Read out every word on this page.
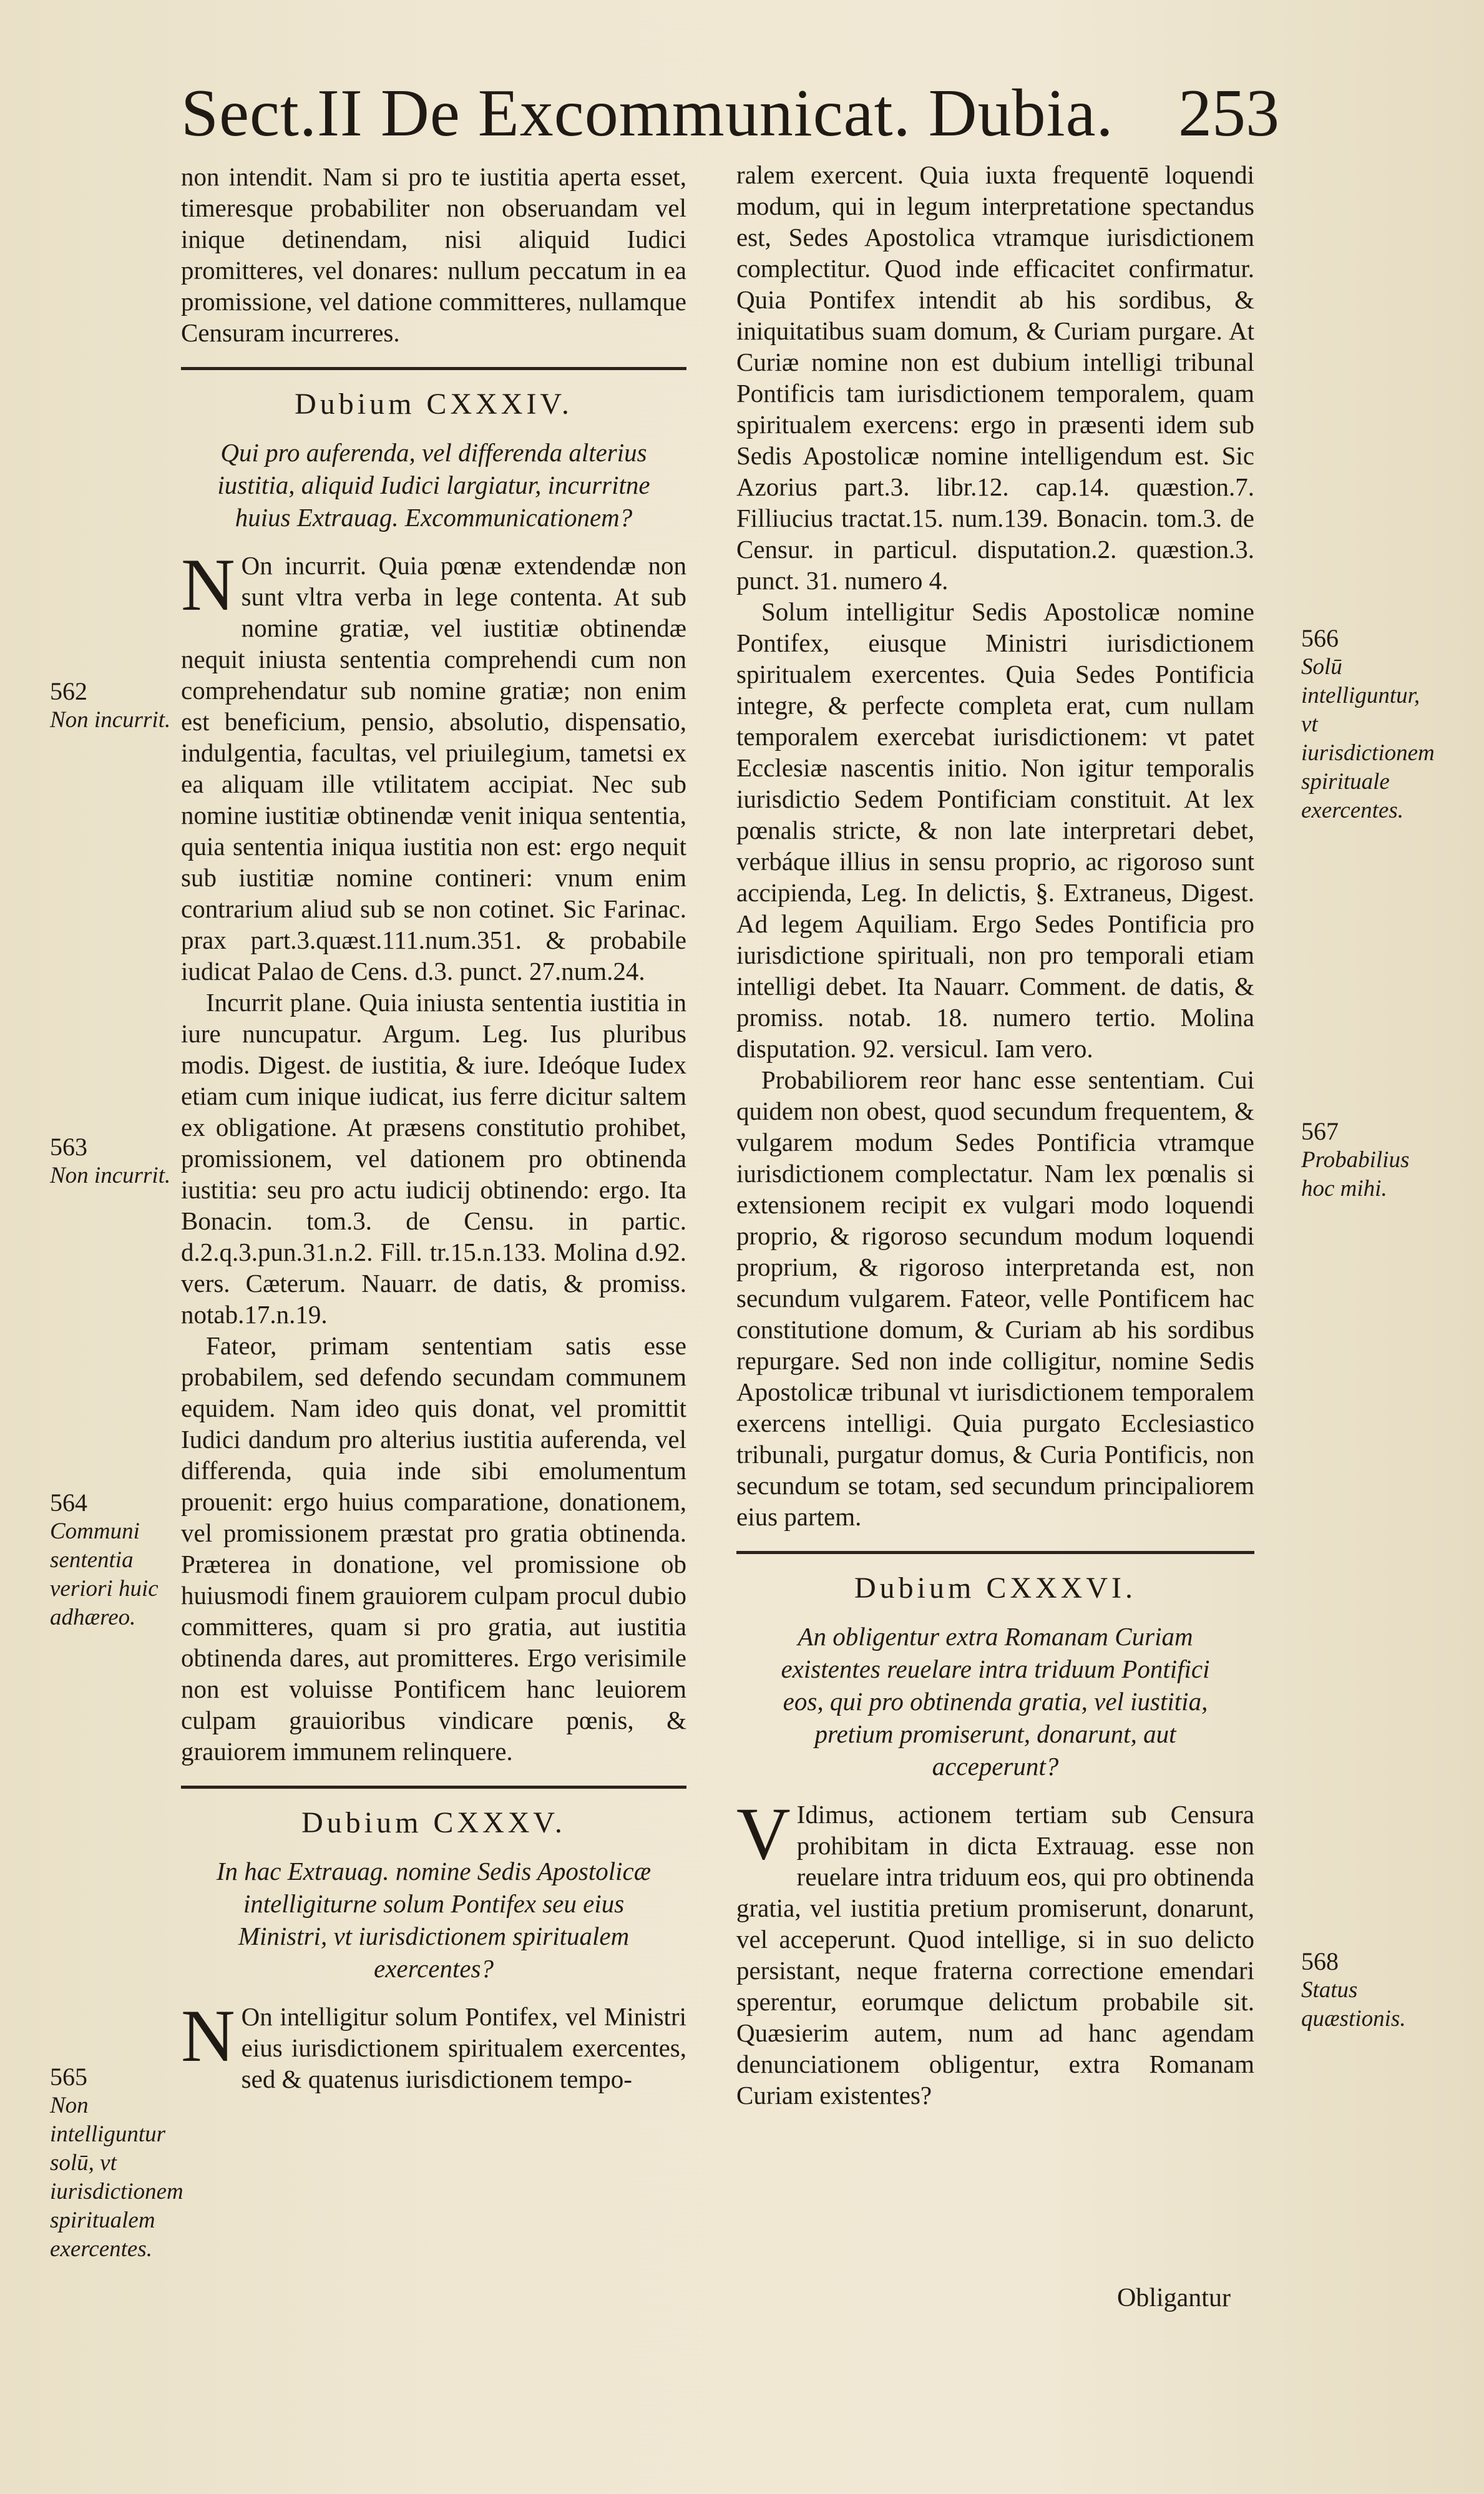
Sect.II De Excommunicat. Dubia. 253

non intendit. Nam si pro te iustitia aperta esset, timeresque probabiliter non obseruandam vel inique detinendam, nisi aliquid Iudici promitteres, vel donares: nullum peccatum in ea promissione, vel datione committeres, nullamque Censuram incurreres.

Dubium CXXXIV.
Qui pro auferenda, vel differenda alterius iustitia, aliquid Iudici largiatur, incurritne huius Extrauag. Excommunicationem?

N On incurrit. Quia pœnæ extendendæ non sunt vltra verba in lege contenta. At sub nomine gratiæ, vel iustitiæ obtinendæ nequit iniusta sententia comprehendi cum non comprehendatur sub nomine gratiæ; non enim est beneficium, pensio, absolutio, dispensatio, indulgentia, facultas, vel priuilegium, tametsi ex ea aliquam ille vtilitatem accipiat. Nec sub nomine iustitiæ obtinendæ venit iniqua sententia, quia sententia iniqua iustitia non est: ergo nequit sub iustitiæ nomine contineri: vnum enim contrarium aliud sub se non cotinet. Sic Farinac. prax part.3.quæst.111.num.351. & probabile iudicat Palao de Cens. d.3. punct. 27.num.24.

Incurrit plane. Quia iniusta sententia iustitia in iure nuncupatur. Argum. Leg. Ius pluribus modis. Digest. de iustitia, & iure. Ideóque Iudex etiam cum inique iudicat, ius ferre dicitur saltem ex obligatione. At præsens constitutio prohibet, promissionem, vel dationem pro obtinenda iustitia: seu pro actu iudicij obtinendo: ergo. Ita Bonacin. tom.3. de Censu. in partic. d.2.q.3.pun.31.n.2. Fill. tr.15.n.133. Molina d.92. vers. Cæterum. Nauarr. de datis, & promiss. notab.17.n.19.

Fateor, primam sententiam satis esse probabilem, sed defendo secundam communem equidem. Nam ideo quis donat, vel promittit Iudici dandum pro alterius iustitia auferenda, vel differenda, quia inde sibi emolumentum prouenit: ergo huius comparatione, donationem, vel promissionem præstat pro gratia obtinenda. Præterea in donatione, vel promissione ob huiusmodi finem grauiorem culpam procul dubio committeres, quam si pro gratia, aut iustitia obtinenda dares, aut promitteres. Ergo verisimile non est voluisse Pontificem hanc leuiorem culpam grauioribus vindicare pœnis, & grauiorem immunem relinquere.

Dubium CXXXV.
In hac Extrauag. nomine Sedis Apostolicæ intelligiturne solum Pontifex seu eius Ministri, vt iurisdictionem spiritualem exercentes?

N On intelligitur solum Pontifex, vel Ministri eius iurisdictionem spiritualem exercentes, sed & quatenus iurisdictionem tempo-

ralem exercent. Quia iuxta frequentē loquendi modum, qui in legum interpretatione spectandus est, Sedes Apostolica vtramque iurisdictionem complectitur. Quod inde efficacitet confirmatur. Quia Pontifex intendit ab his sordibus, & iniquitatibus suam domum, & Curiam purgare. At Curiæ nomine non est dubium intelligi tribunal Pontificis tam iurisdictionem temporalem, quam spiritualem exercens: ergo in præsenti idem sub Sedis Apostolicæ nomine intelligendum est. Sic Azorius part.3. libr.12. cap.14. quæstion.7. Filliucius tractat.15. num.139. Bonacin. tom.3. de Censur. in particul. disputation.2. quæstion.3. punct. 31. numero 4.

Solum intelligitur Sedis Apostolicæ nomine Pontifex, eiusque Ministri iurisdictionem spiritualem exercentes. Quia Sedes Pontificia integre, & perfecte completa erat, cum nullam temporalem exercebat iurisdictionem: vt patet Ecclesiæ nascentis initio. Non igitur temporalis iurisdictio Sedem Pontificiam constituit. At lex pœnalis stricte, & non late interpretari debet, verbáque illius in sensu proprio, ac rigoroso sunt accipienda, Leg. In delictis, §. Extraneus, Digest. Ad legem Aquiliam. Ergo Sedes Pontificia pro iurisdictione spirituali, non pro temporali etiam intelligi debet. Ita Nauarr. Comment. de datis, & promiss. notab. 18. numero tertio. Molina disputation. 92. versicul. Iam vero.

Probabiliorem reor hanc esse sententiam. Cui quidem non obest, quod secundum frequentem, & vulgarem modum Sedes Pontificia vtramque iurisdictionem complectatur. Nam lex pœnalis si extensionem recipit ex vulgari modo loquendi proprio, & rigoroso secundum modum loquendi proprium, & rigoroso interpretanda est, non secundum vulgarem. Fateor, velle Pontificem hac constitutione domum, & Curiam ab his sordibus repurgare. Sed non inde colligitur, nomine Sedis Apostolicæ tribunal vt iurisdictionem temporalem exercens intelligi. Quia purgato Ecclesiastico tribunali, purgatur domus, & Curia Pontificis, non secundum se totam, sed secundum principaliorem eius partem.

Dubium CXXXVI.
An obligentur extra Romanam Curiam existentes reuelare intra triduum Pontifici eos, qui pro obtinenda gratia, vel iustitia, pretium promiserunt, donarunt, aut acceperunt?

V Idimus, actionem tertiam sub Censura prohibitam in dicta Extrauag. esse non reuelare intra triduum eos, qui pro obtinenda gratia, vel iustitia pretium promiserunt, donarunt, vel acceperunt. Quod intellige, si in suo delicto persistant, neque fraterna correctione emendari sperentur, eorumque delictum probabile sit. Quæsierim autem, num ad hanc agendam denunciationem obligentur, extra Romanam Curiam existentes?

562
Non incurrit.
563
Non incurrit.
564
Communi sententia veriori huic adhæreo.
565
Non intelliguntur solū, vt iurisdictionem spiritualem exercentes.
566
Solū intelliguntur, vt iurisdictionem spirituale exercentes.
567
Probabilius hoc mihi.
568
Status quæstionis.
Obligantur
